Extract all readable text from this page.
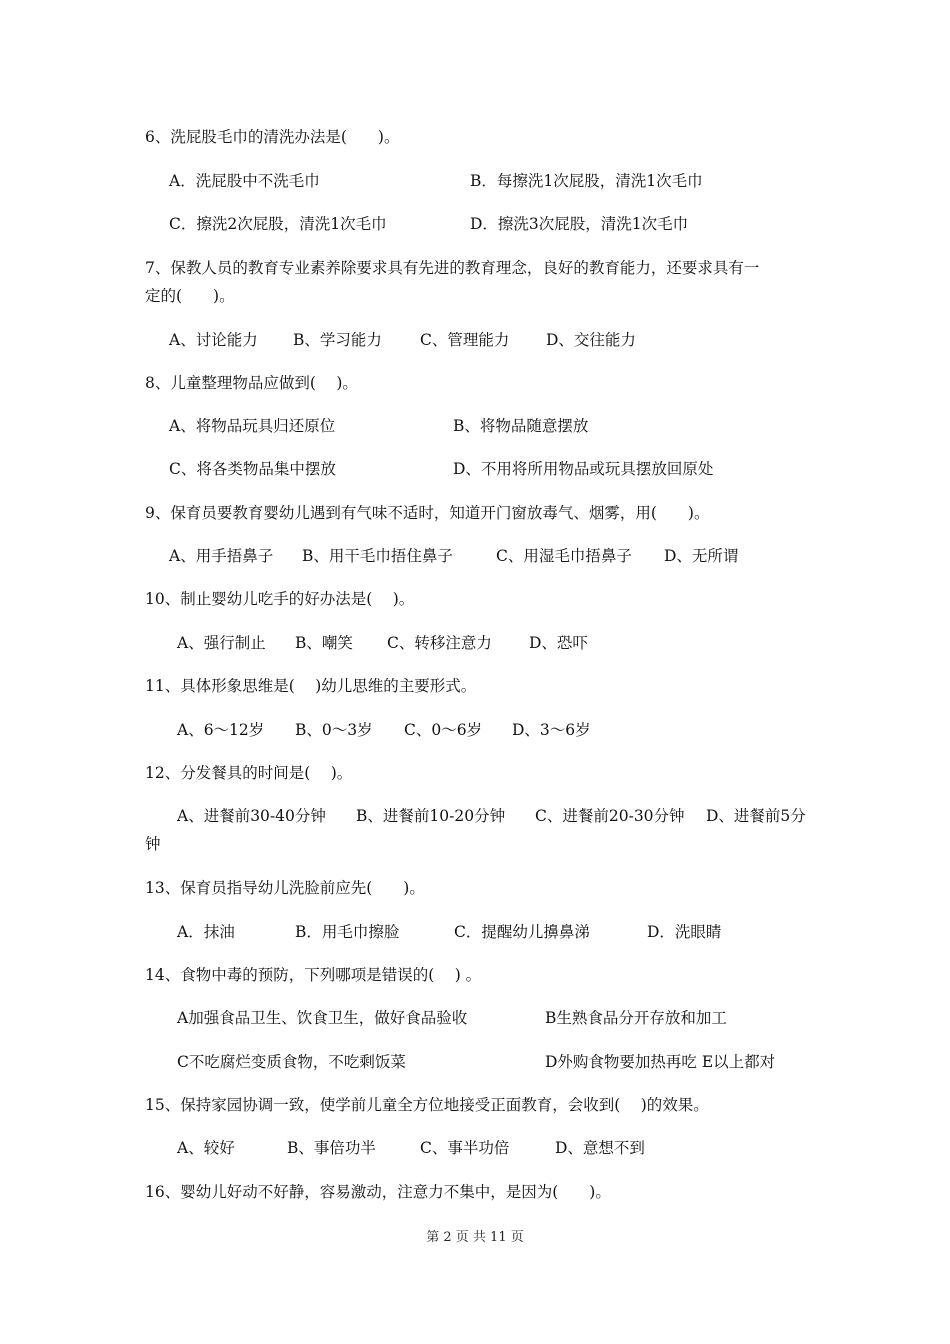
6、洗屁股毛巾的清洗办法是(　　)。
A．洗屁股中不洗毛巾	B．每擦洗1次屁股，清洗1次毛巾
C．擦洗2次屁股，清洗1次毛巾	D．擦洗3次屁股，清洗1次毛巾
7、保教人员的教育专业素养除要求具有先进的教育理念，良好的教育能力，还要求具有一
定的(　　)。
A、讨论能力 B、学习能力 C、管理能力 D、交往能力
8、儿童整理物品应做到(　 )。
A、将物品玩具归还原位	B、将物品随意摆放
C、将各类物品集中摆放	D、不用将所用物品或玩具摆放回原处
9、保育员要教育婴幼儿遇到有气味不适时，知道开门窗放毒气、烟雾，用(　　)。
A、用手捂鼻子 B、用干毛巾捂住鼻子	C、用湿毛巾捂鼻子 D、无所谓
10、制止婴幼儿吃手的好办法是(　 )。
A、强行制止 B、嘲笑 C、转移注意力 D、恐吓
11、具体形象思维是(　 )幼儿思维的主要形式。
A、6～12岁 B、0～3岁 C、0～6岁 D、3～6岁
12、分发餐具的时间是(　 )。
A、进餐前30-40分钟 B、进餐前10-20分钟 C、进餐前20-30分钟 D、进餐前5分
钟
13、保育员指导幼儿洗脸前应先(　　)。
A．抹油	B．用毛巾擦脸	C．提醒幼儿擤鼻涕	D．洗眼睛
14、食物中毒的预防，下列哪项是错误的(　 ) 。
A加强食品卫生、饮食卫生，做好食品验收	B生熟食品分开存放和加工
C不吃腐烂变质食物，不吃剩饭菜	D外购食物要加热再吃 E以上都对
15、保持家园协调一致，使学前儿童全方位地接受正面教育，会收到(　 )的效果。
A、较好	B、事倍功半	C、事半功倍	D、意想不到
16、婴幼儿好动不好静，容易激动，注意力不集中，是因为(　　)。
第 2 页 共 11 页
